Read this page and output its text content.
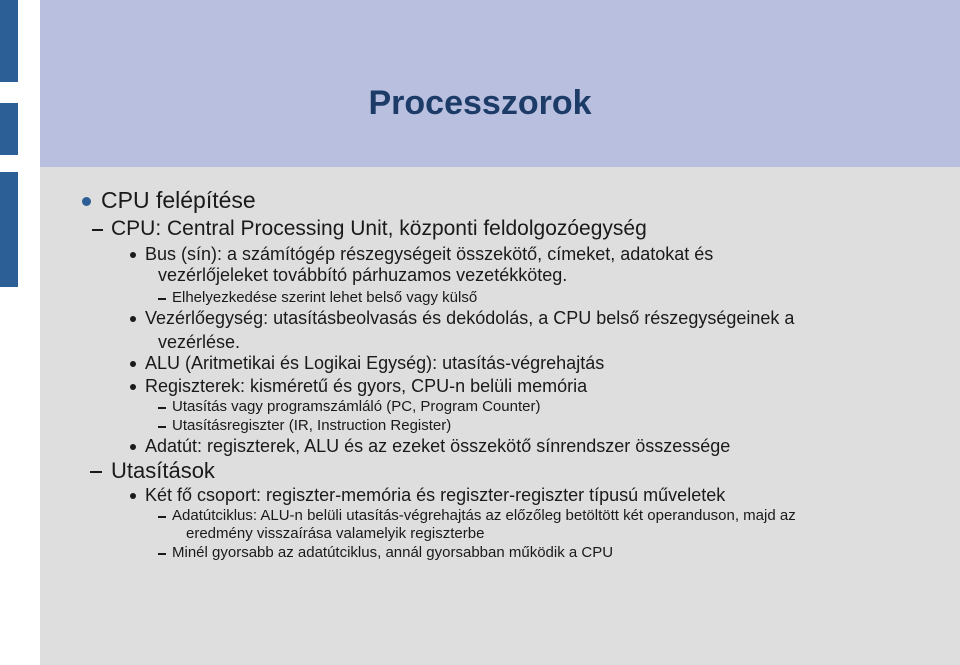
Processzorok

CPU felépítése

CPU: Central Processing Unit, központi feldolgozóegység

Bus (sín): a számítógép részegységeit összekötő, címeket, adatokat és

vezérlőjeleket továbbító párhuzamos vezetékköteg.

Elhelyezkedése szerint lehet belső vagy külső

Vezérlőegység: utasításbeolvasás és dekódolás, a CPU belső részegységeinek a

vezérlése.

ALU (Aritmetikai és Logikai Egység): utasítás-végrehajtás

Regiszterek: kisméretű és gyors, CPU-n belüli memória

Utasítás vagy programszámláló (PC, Program Counter)

Utasításregiszter (IR, Instruction Register)

Adatút: regiszterek, ALU és az ezeket összekötő sínrendszer összessége

Utasítások

Két fő csoport: regiszter-memória és regiszter-regiszter típusú műveletek

Adatútciklus: ALU-n belüli utasítás-végrehajtás az előzőleg betöltött két operanduson, majd az

eredmény visszaírása valamelyik regiszterbe

Minél gyorsabb az adatútciklus, annál gyorsabban működik a CPU
